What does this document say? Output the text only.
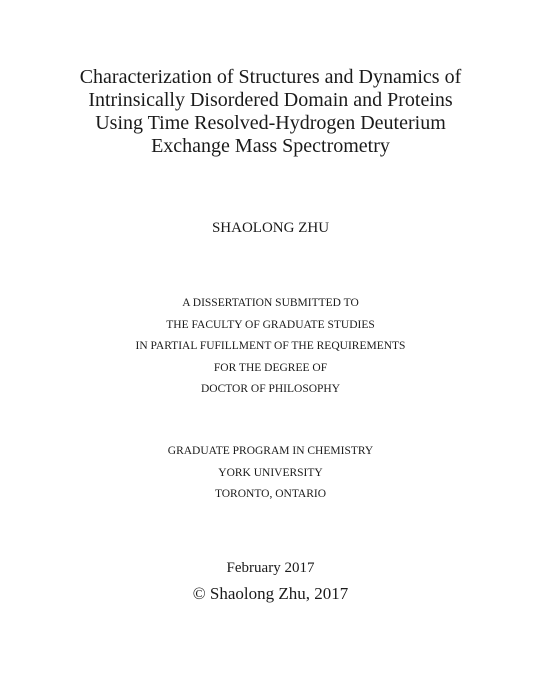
Characterization of Structures and Dynamics of
Intrinsically Disordered Domain and Proteins
Using Time Resolved-Hydrogen Deuterium
Exchange Mass Spectrometry
SHAOLONG ZHU
A DISSERTATION SUBMITTED TO
THE FACULTY OF GRADUATE STUDIES
IN PARTIAL FUFILLMENT OF THE REQUIREMENTS
FOR THE DEGREE OF
DOCTOR OF PHILOSOPHY
GRADUATE PROGRAM IN CHEMISTRY
YORK UNIVERSITY
TORONTO, ONTARIO
February 2017
© Shaolong Zhu, 2017
